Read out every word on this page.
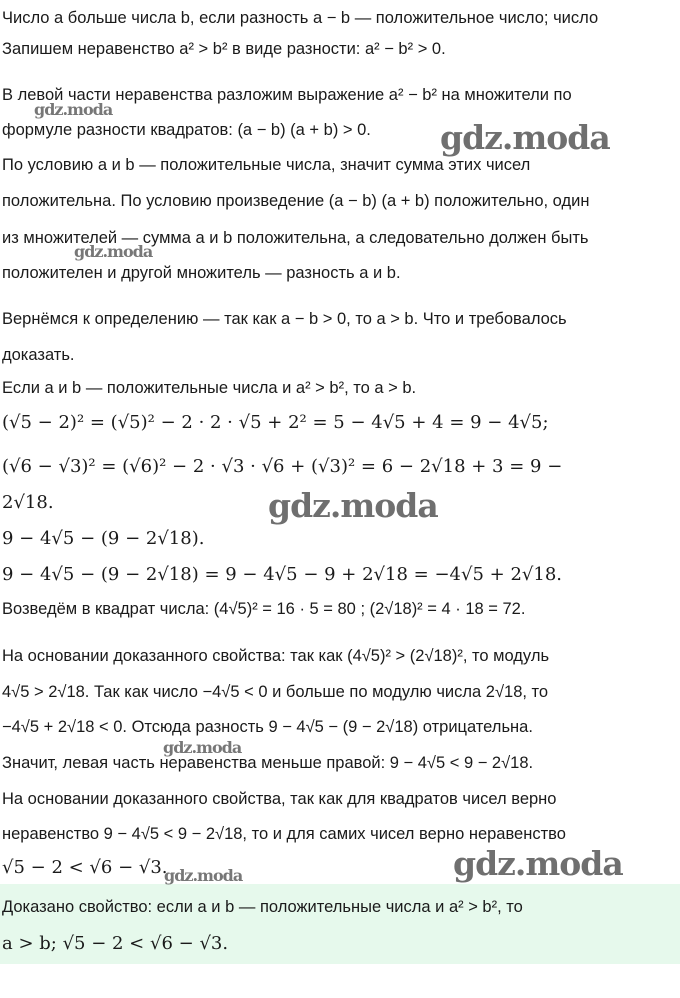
Число a больше числа b, если разность a − b — положительное число; число
Запишем неравенство a² > b² в виде разности: a² − b² > 0.
В левой части неравенства разложим выражение a² − b² на множители по
формуле разности квадратов: (a − b) (a + b) > 0.
По условию a и b — положительные числа, значит сумма этих чисел
положительна. По условию произведение (a − b) (a + b) положительно, один
из множителей — сумма a и b положительна, а следовательно должен быть
положителен и другой множитель — разность a и b.
Вернёмся к определению — так как a − b > 0, то a > b. Что и требовалось
доказать.
Если a и b — положительные числа и a² > b², то a > b.
(√5 − 2)² = (√5)² − 2 · 2 · √5 + 2² = 5 − 4√5 + 4 = 9 − 4√5;
(√6 − √3)² = (√6)² − 2 · √3 · √6 + (√3)² = 6 − 2√18 + 3 = 9 −
2√18.
9 − 4√5 − (9 − 2√18).
9 − 4√5 − (9 − 2√18) = 9 − 4√5 − 9 + 2√18 = −4√5 + 2√18.
Возведём в квадрат числа: (4√5)² = 16 · 5 = 80 ; (2√18)² = 4 · 18 = 72.
На основании доказанного свойства: так как (4√5)² > (2√18)², то модуль
4√5 > 2√18. Так как число −4√5 < 0 и больше по модулю числа 2√18, то
−4√5 + 2√18 < 0. Отсюда разность 9 − 4√5 − (9 − 2√18) отрицательна.
Значит, левая часть неравенства меньше правой: 9 − 4√5 < 9 − 2√18.
На основании доказанного свойства, так как для квадратов чисел верно
неравенство 9 − 4√5 < 9 − 2√18, то и для самих чисел верно неравенство
√5 − 2 < √6 − √3.
Доказано свойство: если a и b — положительные числа и a² > b², то
a > b; √5 − 2 < √6 − √3.
gdz.moda
gdz.moda
gdz.moda
gdz.moda
gdz.moda
gdz.moda
gdz.moda
